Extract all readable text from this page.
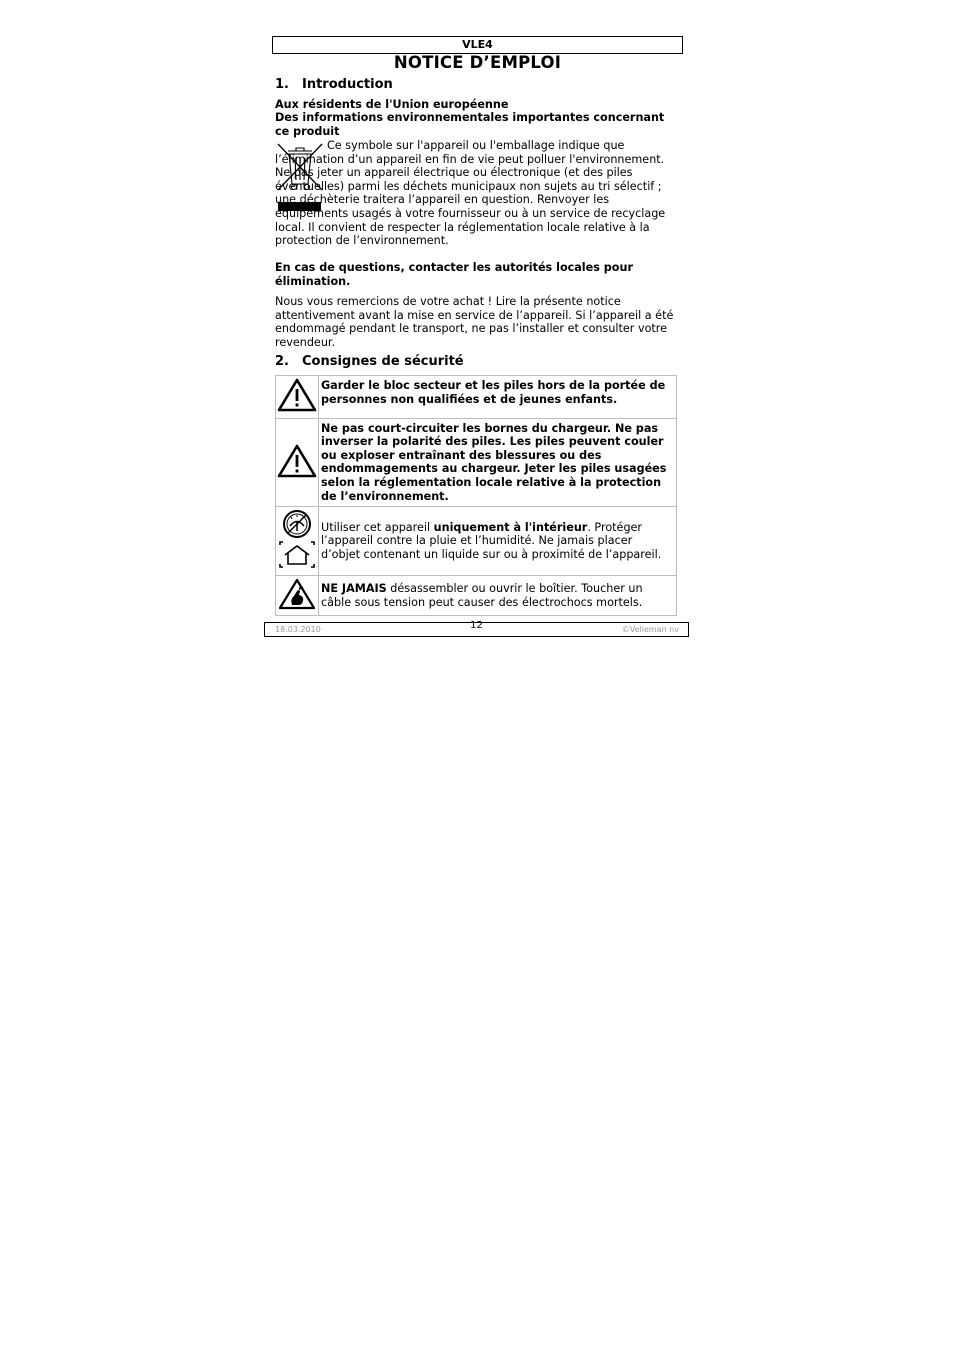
VLE4
NOTICE D’EMPLOI
1. Introduction
Aux résidents de l'Union européenne
Des informations environnementales importantes concernant ce produit
Ce symbole sur l'appareil ou l'emballage indique que l’élimination d’un appareil en fin de vie peut polluer l'environnement. Ne pas jeter un appareil électrique ou électronique (et des piles éventuelles) parmi les déchets municipaux non sujets au tri sélectif ; une déchèterie traitera l’appareil en question. Renvoyer les équipements usagés à votre fournisseur ou à un service de recyclage local. Il convient de respecter la réglementation locale relative à la protection de l’environnement.
En cas de questions, contacter les autorités locales pour élimination.
Nous vous remercions de votre achat ! Lire la présente notice attentivement avant la mise en service de l’appareil. Si l’appareil a été endommagé pendant le transport, ne pas l’installer et consulter votre revendeur.
2. Consignes de sécurité
	Garder le bloc secteur et les piles hors de la portée de personnes non qualifiées et de jeunes enfants.
	Ne pas court-circuiter les bornes du chargeur. Ne pas inverser la polarité des piles. Les piles peuvent couler ou exploser entraînant des blessures ou des endommagements au chargeur. Jeter les piles usagées selon la réglementation locale relative à la protection de l’environnement.
	Utiliser cet appareil uniquement à l'intérieur. Protéger l’appareil contre la pluie et l’humidité. Ne jamais placer d’objet contenant un liquide sur ou à proximité de l’appareil.
	NE JAMAIS désassembler ou ouvrir le boîtier. Toucher un câble sous tension peut causer des électrochocs mortels.
18.03.2010	12	©Velleman nv
